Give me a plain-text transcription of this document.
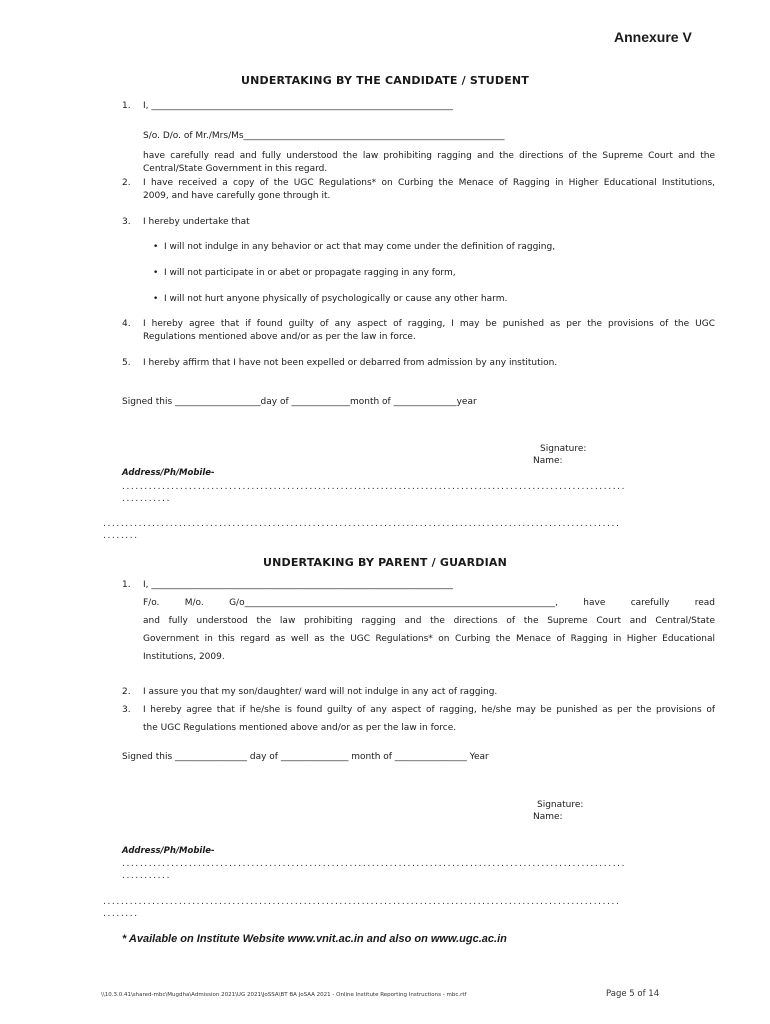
Annexure V
UNDERTAKING BY THE CANDIDATE / STUDENT
1. I, ___________________________________________________________________
S/o. D/o. of Mr./Mrs/Ms__________________________________________________________
have carefully read and fully understood the law prohibiting ragging and the directions of the Supreme Court and the
Central/State Government in this regard.
2. I have received a copy of the UGC Regulations* on Curbing the Menace of Ragging in Higher Educational Institutions,
2009, and have carefully gone through it.
3. I hereby undertake that
• I will not indulge in any behavior or act that may come under the definition of ragging,
• I will not participate in or abet or propagate ragging in any form,
• I will not hurt anyone physically of psychologically or cause any other harm.
4. I hereby agree that if found guilty of any aspect of ragging, I may be punished as per the provisions of the UGC
Regulations mentioned above and/or as per the law in force.
5. I hereby affirm that I have not been expelled or debarred from admission by any institution.
Signed this ___________________day of _____________month of ______________year
Signature:
Name:
Address/Ph/Mobile-
.................................................................................................................
...........
....................................................................................................................
........
UNDERTAKING BY PARENT / GUARDIAN
1. I, ___________________________________________________________________
F/o. M/o. G/o_____________________________________________________________________, have carefully read
and fully understood the law prohibiting ragging and the directions of the Supreme Court and Central/State
Government in this regard as well as the UGC Regulations* on Curbing the Menace of Ragging in Higher Educational
Institutions, 2009.
2. I assure you that my son/daughter/ ward will not indulge in any act of ragging.
3. I hereby agree that if he/she is found guilty of any aspect of ragging, he/she may be punished as per the provisions of
the UGC Regulations mentioned above and/or as per the law in force.
Signed this ________________ day of _______________ month of ________________ Year
Signature:
Name:
Address/Ph/Mobile-
.................................................................................................................
...........
....................................................................................................................
........
* Available on Institute Website www.vnit.ac.in and also on www.ugc.ac.in
\\10.3.0.41\shared-mbc\Mugdha\Admission 2021\UG 2021\JoSSA\BT BA JoSAA 2021 - Online Institute Reporting Instructions - mbc.rtf	Page 5 of 14
